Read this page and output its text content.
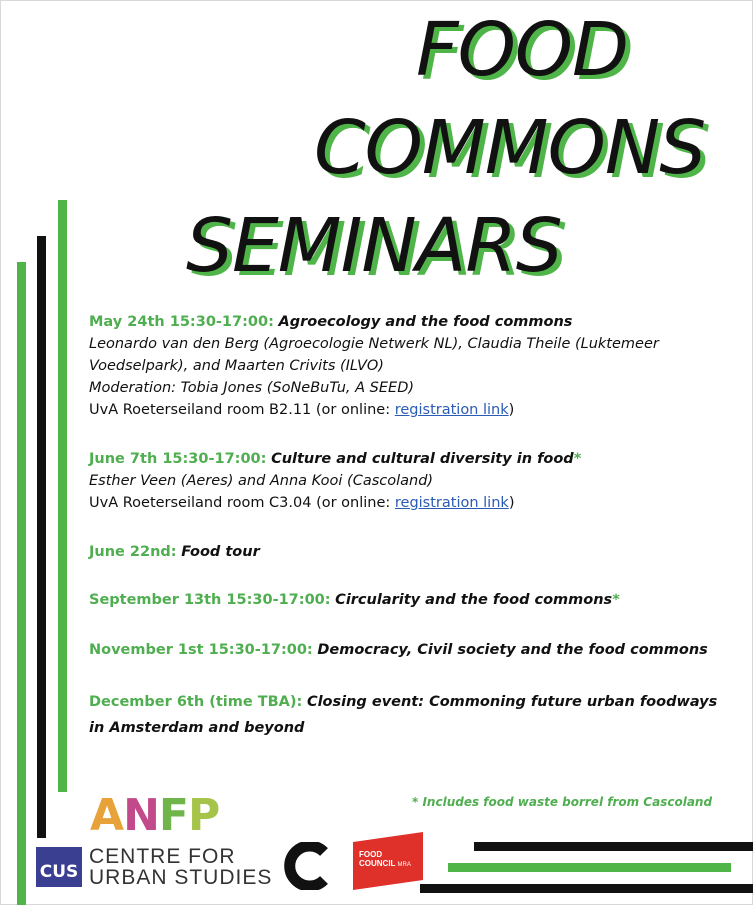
FOOD
COMMONS
SEMINARS
May 24th 15:30-17:00: Agroecology and the food commons
Leonardo van den Berg (Agroecologie Netwerk NL), Claudia Theile (Luktemeer Voedselpark), and Maarten Crivits (ILVO)
Moderation: Tobia Jones (SoNeBuTu, A SEED)
UvA Roeterseiland room B2.11 (or online: registration link)
June 7th 15:30-17:00: Culture and cultural diversity in food*
Esther Veen (Aeres) and Anna Kooi (Cascoland)
UvA Roeterseiland room C3.04 (or online: registration link)
June 22nd: Food tour
September 13th 15:30-17:00: Circularity and the food commons*
November 1st 15:30-17:00: Democracy, Civil society and the food commons
December 6th (time TBA): Closing event: Commoning future urban foodways in Amsterdam and beyond
* Includes food waste borrel from Cascoland
ANFP
CUS
CENTRE FOR
URBAN STUDIES
FOOD
COUNCIL MRA
